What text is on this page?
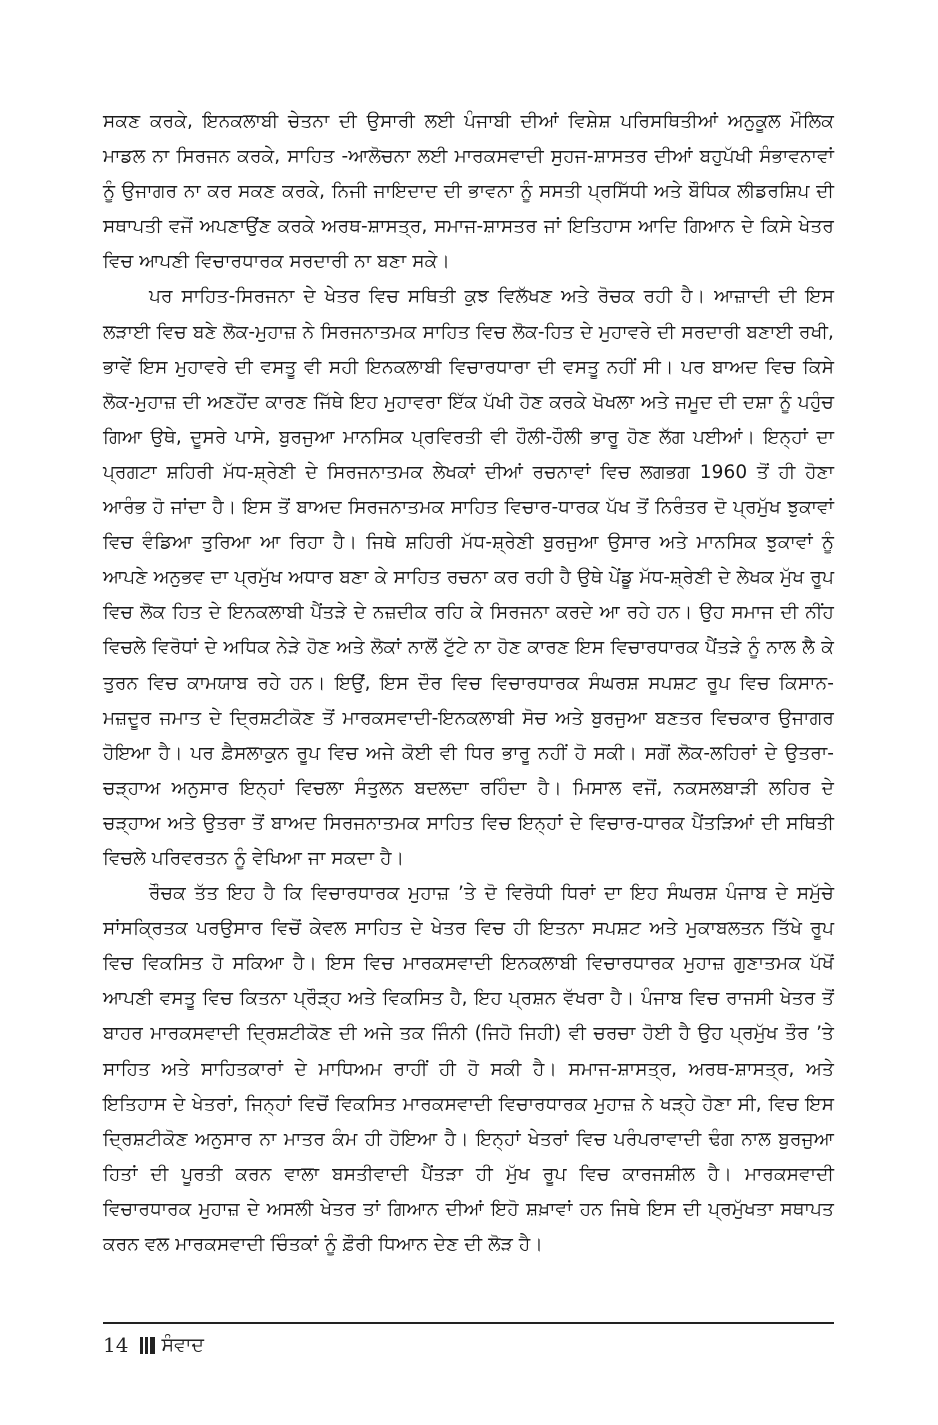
ਸਕਣ ਕਰਕੇ, ਇਨਕਲਾਬੀ ਚੇਤਨਾ ਦੀ ਉਸਾਰੀ ਲਈ ਪੰਜਾਬੀ ਦੀਆਂ ਵਿਸ਼ੇਸ਼ ਪਰਿਸਥਿਤੀਆਂ ਅਨੁਕੂਲ ਮੌਲਿਕ ਮਾਡਲ ਨਾ ਸਿਰਜਨ ਕਰਕੇ, ਸਾਹਿਤ -ਆਲੋਚਨਾ ਲਈ ਮਾਰਕਸਵਾਦੀ ਸੁਹਜ-ਸ਼ਾਸਤਰ ਦੀਆਂ ਬਹੁਪੱਖੀ ਸੰਭਾਵਨਾਵਾਂ ਨੂੰ ਉਜਾਗਰ ਨਾ ਕਰ ਸਕਣ ਕਰਕੇ, ਨਿਜੀ ਜਾਇਦਾਦ ਦੀ ਭਾਵਨਾ ਨੂੰ ਸਸਤੀ ਪ੍ਰਸਿੱਧੀ ਅਤੇ ਬੌਧਿਕ ਲੀਡਰਸ਼ਿਪ ਦੀ ਸਥਾਪਤੀ ਵਜੋਂ ਅਪਣਾਉਂਣ ਕਰਕੇ ਅਰਥ-ਸ਼ਾਸਤ੍ਰ, ਸਮਾਜ-ਸ਼ਾਸਤਰ ਜਾਂ ਇਤਿਹਾਸ ਆਦਿ ਗਿਆਨ ਦੇ ਕਿਸੇ ਖੇਤਰ ਵਿਚ ਆਪਣੀ ਵਿਚਾਰਧਾਰਕ ਸਰਦਾਰੀ ਨਾ ਬਣਾ ਸਕੇ।

ਪਰ ਸਾਹਿਤ-ਸਿਰਜਨਾ ਦੇ ਖੇਤਰ ਵਿਚ ਸਥਿਤੀ ਕੁਝ ਵਿਲੱਖਣ ਅਤੇ ਰੋਚਕ ਰਹੀ ਹੈ। ਆਜ਼ਾਦੀ ਦੀ ਇਸ ਲੜਾਈ ਵਿਚ ਬਣੇ ਲੋਕ-ਮੁਹਾਜ਼ ਨੇ ਸਿਰਜਨਾਤਮਕ ਸਾਹਿਤ ਵਿਚ ਲੋਕ-ਹਿਤ ਦੇ ਮੁਹਾਵਰੇ ਦੀ ਸਰਦਾਰੀ ਬਣਾਈ ਰਖੀ, ਭਾਵੇਂ ਇਸ ਮੁਹਾਵਰੇ ਦੀ ਵਸਤੂ ਵੀ ਸਹੀ ਇਨਕਲਾਬੀ ਵਿਚਾਰਧਾਰਾ ਦੀ ਵਸਤੂ ਨਹੀਂ ਸੀ। ਪਰ ਬਾਅਦ ਵਿਚ ਕਿਸੇ ਲੋਕ-ਮੁਹਾਜ਼ ਦੀ ਅਣਹੋਂਦ ਕਾਰਣ ਜਿੱਥੇ ਇਹ ਮੁਹਾਵਰਾ ਇੱਕ ਪੱਖੀ ਹੋਣ ਕਰਕੇ ਖੋਖਲਾ ਅਤੇ ਜਮੂਦ ਦੀ ਦਸ਼ਾ ਨੂੰ ਪਹੁੰਚ ਗਿਆ ਉਥੇ, ਦੂਸਰੇ ਪਾਸੇ, ਬੁਰਜੁਆ ਮਾਨਸਿਕ ਪ੍ਰਵਿਰਤੀ ਵੀ ਹੌਲੀ-ਹੌਲੀ ਭਾਰੂ ਹੋਣ ਲੱਗ ਪਈਆਂ। ਇਨ੍ਹਾਂ ਦਾ ਪ੍ਰਗਟਾ ਸ਼ਹਿਰੀ ਮੱਧ-ਸ਼੍ਰੇਣੀ ਦੇ ਸਿਰਜਨਾਤਮਕ ਲੇਖਕਾਂ ਦੀਆਂ ਰਚਨਾਵਾਂ ਵਿਚ ਲਗਭਗ 1960 ਤੋਂ ਹੀ ਹੋਣਾ ਆਰੰਭ ਹੋ ਜਾਂਦਾ ਹੈ। ਇਸ ਤੋਂ ਬਾਅਦ ਸਿਰਜਨਾਤਮਕ ਸਾਹਿਤ ਵਿਚਾਰ-ਧਾਰਕ ਪੱਖ ਤੋਂ ਨਿਰੰਤਰ ਦੋ ਪ੍ਰਮੁੱਖ ਝੁਕਾਵਾਂ ਵਿਚ ਵੰਡਿਆ ਤੁਰਿਆ ਆ ਰਿਹਾ ਹੈ। ਜਿਥੇ ਸ਼ਹਿਰੀ ਮੱਧ-ਸ਼੍ਰੇਣੀ ਬੁਰਜੁਆ ਉਸਾਰ ਅਤੇ ਮਾਨਸਿਕ ਝੁਕਾਵਾਂ ਨੂੰ ਆਪਣੇ ਅਨੁਭਵ ਦਾ ਪ੍ਰਮੁੱਖ ਅਧਾਰ ਬਣਾ ਕੇ ਸਾਹਿਤ ਰਚਨਾ ਕਰ ਰਹੀ ਹੈ ਉਥੇ ਪੇਂਡੂ ਮੱਧ-ਸ਼੍ਰੇਣੀ ਦੇ ਲੇਖਕ ਮੁੱਖ ਰੂਪ ਵਿਚ ਲੋਕ ਹਿਤ ਦੇ ਇਨਕਲਾਬੀ ਪੈਂਤੜੇ ਦੇ ਨਜ਼ਦੀਕ ਰਹਿ ਕੇ ਸਿਰਜਨਾ ਕਰਦੇ ਆ ਰਹੇ ਹਨ। ਉਹ ਸਮਾਜ ਦੀ ਨੀਂਹ ਵਿਚਲੇ ਵਿਰੋਧਾਂ ਦੇ ਅਧਿਕ ਨੇੜੇ ਹੋਣ ਅਤੇ ਲੋਕਾਂ ਨਾਲੋਂ ਟੁੱਟੇ ਨਾ ਹੋਣ ਕਾਰਣ ਇਸ ਵਿਚਾਰਧਾਰਕ ਪੈਂਤੜੇ ਨੂੰ ਨਾਲ ਲੈ ਕੇ ਤੁਰਨ ਵਿਚ ਕਾਮਯਾਬ ਰਹੇ ਹਨ। ਇਉਂ, ਇਸ ਦੌਰ ਵਿਚ ਵਿਚਾਰਧਾਰਕ ਸੰਘਰਸ਼ ਸਪਸ਼ਟ ਰੂਪ ਵਿਚ ਕਿਸਾਨ-ਮਜ਼ਦੂਰ ਜਮਾਤ ਦੇ ਦ੍ਰਿਸ਼ਟੀਕੋਣ ਤੋਂ ਮਾਰਕਸਵਾਦੀ-ਇਨਕਲਾਬੀ ਸੋਚ ਅਤੇ ਬੁਰਜੁਆ ਬਣਤਰ ਵਿਚਕਾਰ ਉਜਾਗਰ ਹੋਇਆ ਹੈ। ਪਰ ਫ਼ੈਸਲਾਕੁਨ ਰੂਪ ਵਿਚ ਅਜੇ ਕੋਈ ਵੀ ਧਿਰ ਭਾਰੂ ਨਹੀਂ ਹੋ ਸਕੀ। ਸਗੋਂ ਲੋਕ-ਲਹਿਰਾਂ ਦੇ ਉਤਰਾ-ਚੜ੍ਹਾਅ ਅਨੁਸਾਰ ਇਨ੍ਹਾਂ ਵਿਚਲਾ ਸੰਤੁਲਨ ਬਦਲਦਾ ਰਹਿੰਦਾ ਹੈ। ਮਿਸਾਲ ਵਜੋਂ, ਨਕਸਲਬਾੜੀ ਲਹਿਰ ਦੇ ਚੜ੍ਹਾਅ ਅਤੇ ਉਤਰਾ ਤੋਂ ਬਾਅਦ ਸਿਰਜਨਾਤਮਕ ਸਾਹਿਤ ਵਿਚ ਇਨ੍ਹਾਂ ਦੇ ਵਿਚਾਰ-ਧਾਰਕ ਪੈਂਤੜਿਆਂ ਦੀ ਸਥਿਤੀ ਵਿਚਲੇ ਪਰਿਵਰਤਨ ਨੂੰ ਵੇਖਿਆ ਜਾ ਸਕਦਾ ਹੈ।

ਰੌਚਕ ਤੱਤ ਇਹ ਹੈ ਕਿ ਵਿਚਾਰਧਾਰਕ ਮੁਹਾਜ਼ ’ਤੇ ਦੋ ਵਿਰੋਧੀ ਧਿਰਾਂ ਦਾ ਇਹ ਸੰਘਰਸ਼ ਪੰਜਾਬ ਦੇ ਸਮੁੱਚੇ ਸਾਂਸਕ੍ਰਿਤਕ ਪਰਉਸਾਰ ਵਿਚੋਂ ਕੇਵਲ ਸਾਹਿਤ ਦੇ ਖੇਤਰ ਵਿਚ ਹੀ ਇਤਨਾ ਸਪਸ਼ਟ ਅਤੇ ਮੁਕਾਬਲਤਨ ਤਿੱਖੇ ਰੂਪ ਵਿਚ ਵਿਕਸਿਤ ਹੋ ਸਕਿਆ ਹੈ। ਇਸ ਵਿਚ ਮਾਰਕਸਵਾਦੀ ਇਨਕਲਾਬੀ ਵਿਚਾਰਧਾਰਕ ਮੁਹਾਜ਼ ਗੁਣਾਤਮਕ ਪੱਖੋਂ ਆਪਣੀ ਵਸਤੂ ਵਿਚ ਕਿਤਨਾ ਪ੍ਰੌੜ੍ਹ ਅਤੇ ਵਿਕਸਿਤ ਹੈ, ਇਹ ਪ੍ਰਸ਼ਨ ਵੱਖਰਾ ਹੈ। ਪੰਜਾਬ ਵਿਚ ਰਾਜਸੀ ਖੇਤਰ ਤੋਂ ਬਾਹਰ ਮਾਰਕਸਵਾਦੀ ਦ੍ਰਿਸ਼ਟੀਕੋਣ ਦੀ ਅਜੇ ਤਕ ਜਿੰਨੀ (ਜਿਹੋ ਜਿਹੀ) ਵੀ ਚਰਚਾ ਹੋਈ ਹੈ ਉਹ ਪ੍ਰਮੁੱਖ ਤੌਰ ’ਤੇ ਸਾਹਿਤ ਅਤੇ ਸਾਹਿਤਕਾਰਾਂ ਦੇ ਮਾਧਿਅਮ ਰਾਹੀਂ ਹੀ ਹੋ ਸਕੀ ਹੈ। ਸਮਾਜ-ਸ਼ਾਸਤ੍ਰ, ਅਰਥ-ਸ਼ਾਸਤ੍ਰ, ਅਤੇ ਇਤਿਹਾਸ ਦੇ ਖੇਤਰਾਂ, ਜਿਨ੍ਹਾਂ ਵਿਚੋਂ ਵਿਕਸਿਤ ਮਾਰਕਸਵਾਦੀ ਵਿਚਾਰਧਾਰਕ ਮੁਹਾਜ਼ ਨੇ ਖੜ੍ਹੇ ਹੋਣਾ ਸੀ, ਵਿਚ ਇਸ ਦ੍ਰਿਸ਼ਟੀਕੋਣ ਅਨੁਸਾਰ ਨਾ ਮਾਤਰ ਕੰਮ ਹੀ ਹੋਇਆ ਹੈ। ਇਨ੍ਹਾਂ ਖੇਤਰਾਂ ਵਿਚ ਪਰੰਪਰਾਵਾਦੀ ਢੰਗ ਨਾਲ ਬੁਰਜੁਆ ਹਿਤਾਂ ਦੀ ਪੂਰਤੀ ਕਰਨ ਵਾਲਾ ਬਸਤੀਵਾਦੀ ਪੈਂਤੜਾ ਹੀ ਮੁੱਖ ਰੂਪ ਵਿਚ ਕਾਰਜਸ਼ੀਲ ਹੈ। ਮਾਰਕਸਵਾਦੀ ਵਿਚਾਰਧਾਰਕ ਮੁਹਾਜ਼ ਦੇ ਅਸਲੀ ਖੇਤਰ ਤਾਂ ਗਿਆਨ ਦੀਆਂ ਇਹੋ ਸ਼ਖ਼ਾਵਾਂ ਹਨ ਜਿਥੇ ਇਸ ਦੀ ਪ੍ਰਮੁੱਖਤਾ ਸਥਾਪਤ ਕਰਨ ਵਲ ਮਾਰਕਸਵਾਦੀ ਚਿੰਤਕਾਂ ਨੂੰ ਫ਼ੌਰੀ ਧਿਆਨ ਦੇਣ ਦੀ ਲੋੜ ਹੈ।

14 ਸੰਵਾਦ
